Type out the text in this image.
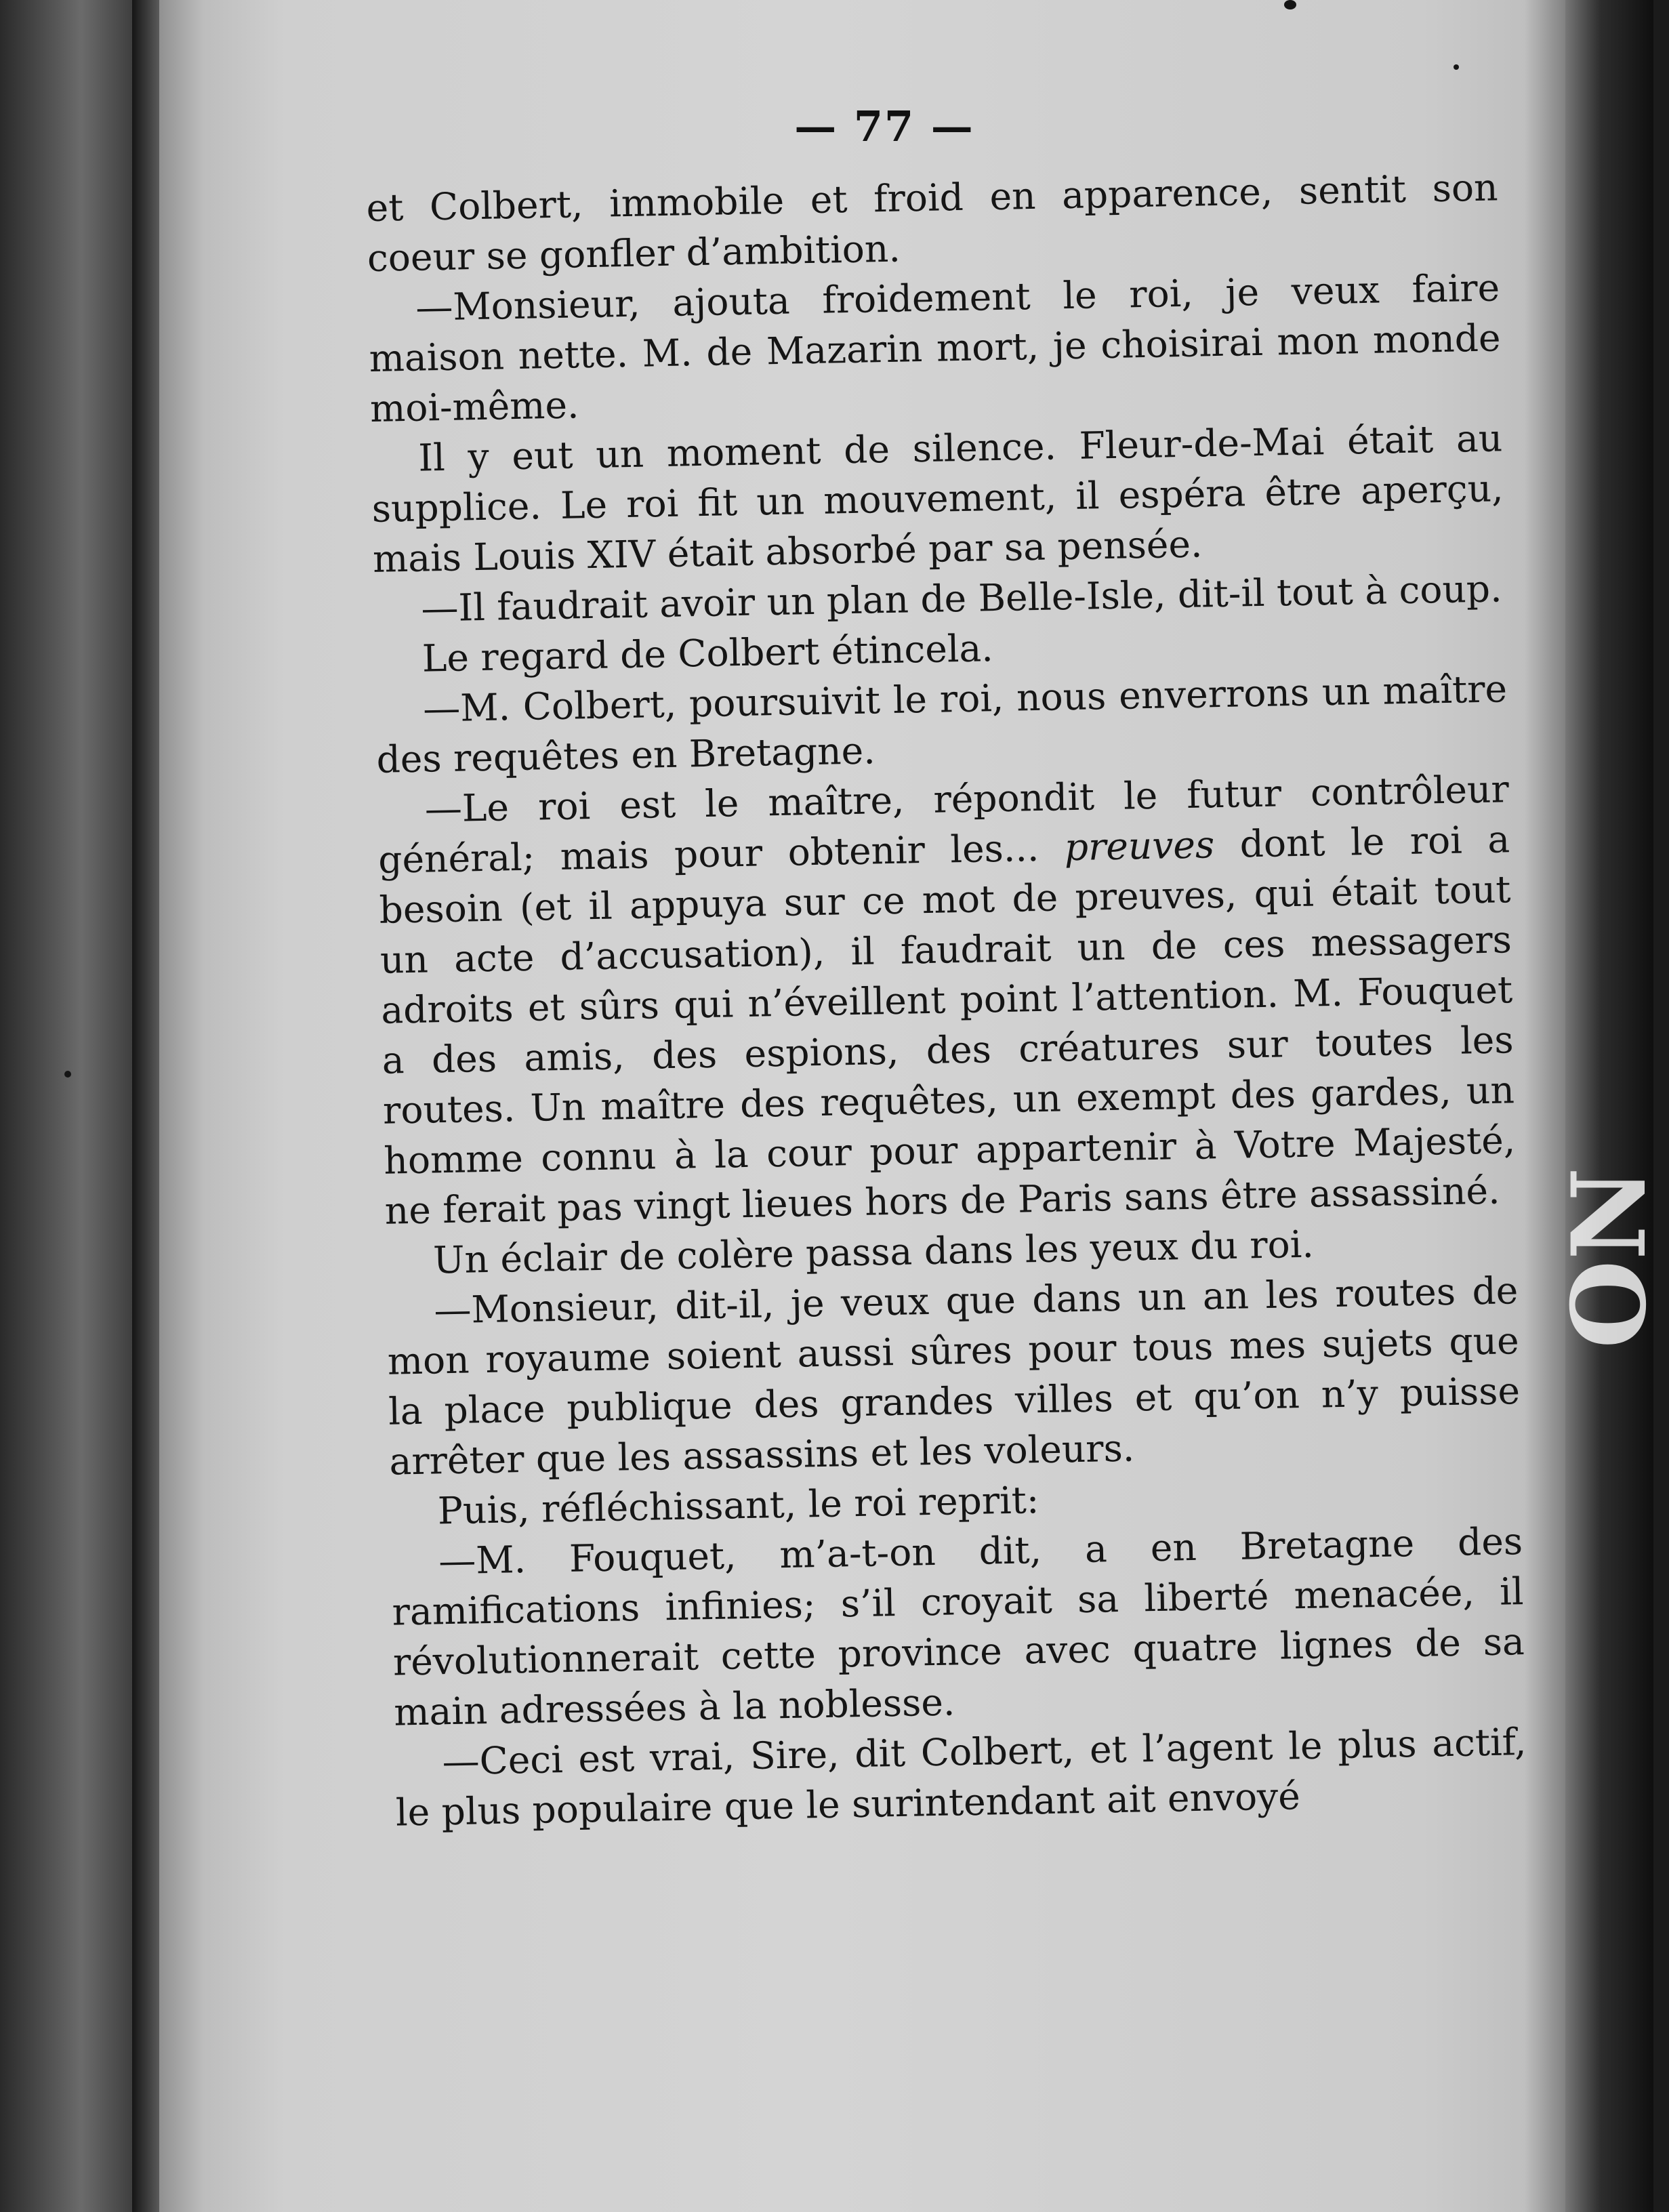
ON
— 77 —

et Colbert, immobile et froid en apparence, sentit son coeur se gonfler d’ambition.

—Monsieur, ajouta froidement le roi, je veux faire maison nette. M. de Mazarin mort, je choisirai mon monde moi-même.

Il y eut un moment de silence. Fleur-de-Mai était au supplice. Le roi fit un mouvement, il espéra être aperçu, mais Louis XIV était absorbé par sa pensée.

—Il faudrait avoir un plan de Belle-Isle, dit-il tout à coup.

Le regard de Colbert étincela.

—M. Colbert, poursuivit le roi, nous enverrons un maître des requêtes en Bretagne.

—Le roi est le maître, répondit le futur contrôleur général; mais pour obtenir les... preuves dont le roi a besoin (et il appuya sur ce mot de preuves, qui était tout un acte d’accusation), il faudrait un de ces messagers adroits et sûrs qui n’éveillent point l’attention. M. Fouquet a des amis, des espions, des créatures sur toutes les routes. Un maître des requêtes, un exempt des gardes, un homme connu à la cour pour appartenir à Votre Majesté, ne ferait pas vingt lieues hors de Paris sans être assassiné.

Un éclair de colère passa dans les yeux du roi.

—Monsieur, dit-il, je veux que dans un an les routes de mon royaume soient aussi sûres pour tous mes sujets que la place publique des grandes villes et qu’on n’y puisse arrêter que les assassins et les voleurs.

Puis, réfléchissant, le roi reprit:

—M. Fouquet, m’a-t-on dit, a en Bretagne des ramifications infinies; s’il croyait sa liberté menacée, il révolutionnerait cette province avec quatre lignes de sa main adressées à la noblesse.

—Ceci est vrai, Sire, dit Colbert, et l’agent le plus actif, le plus populaire que le surintendant ait envoyé
